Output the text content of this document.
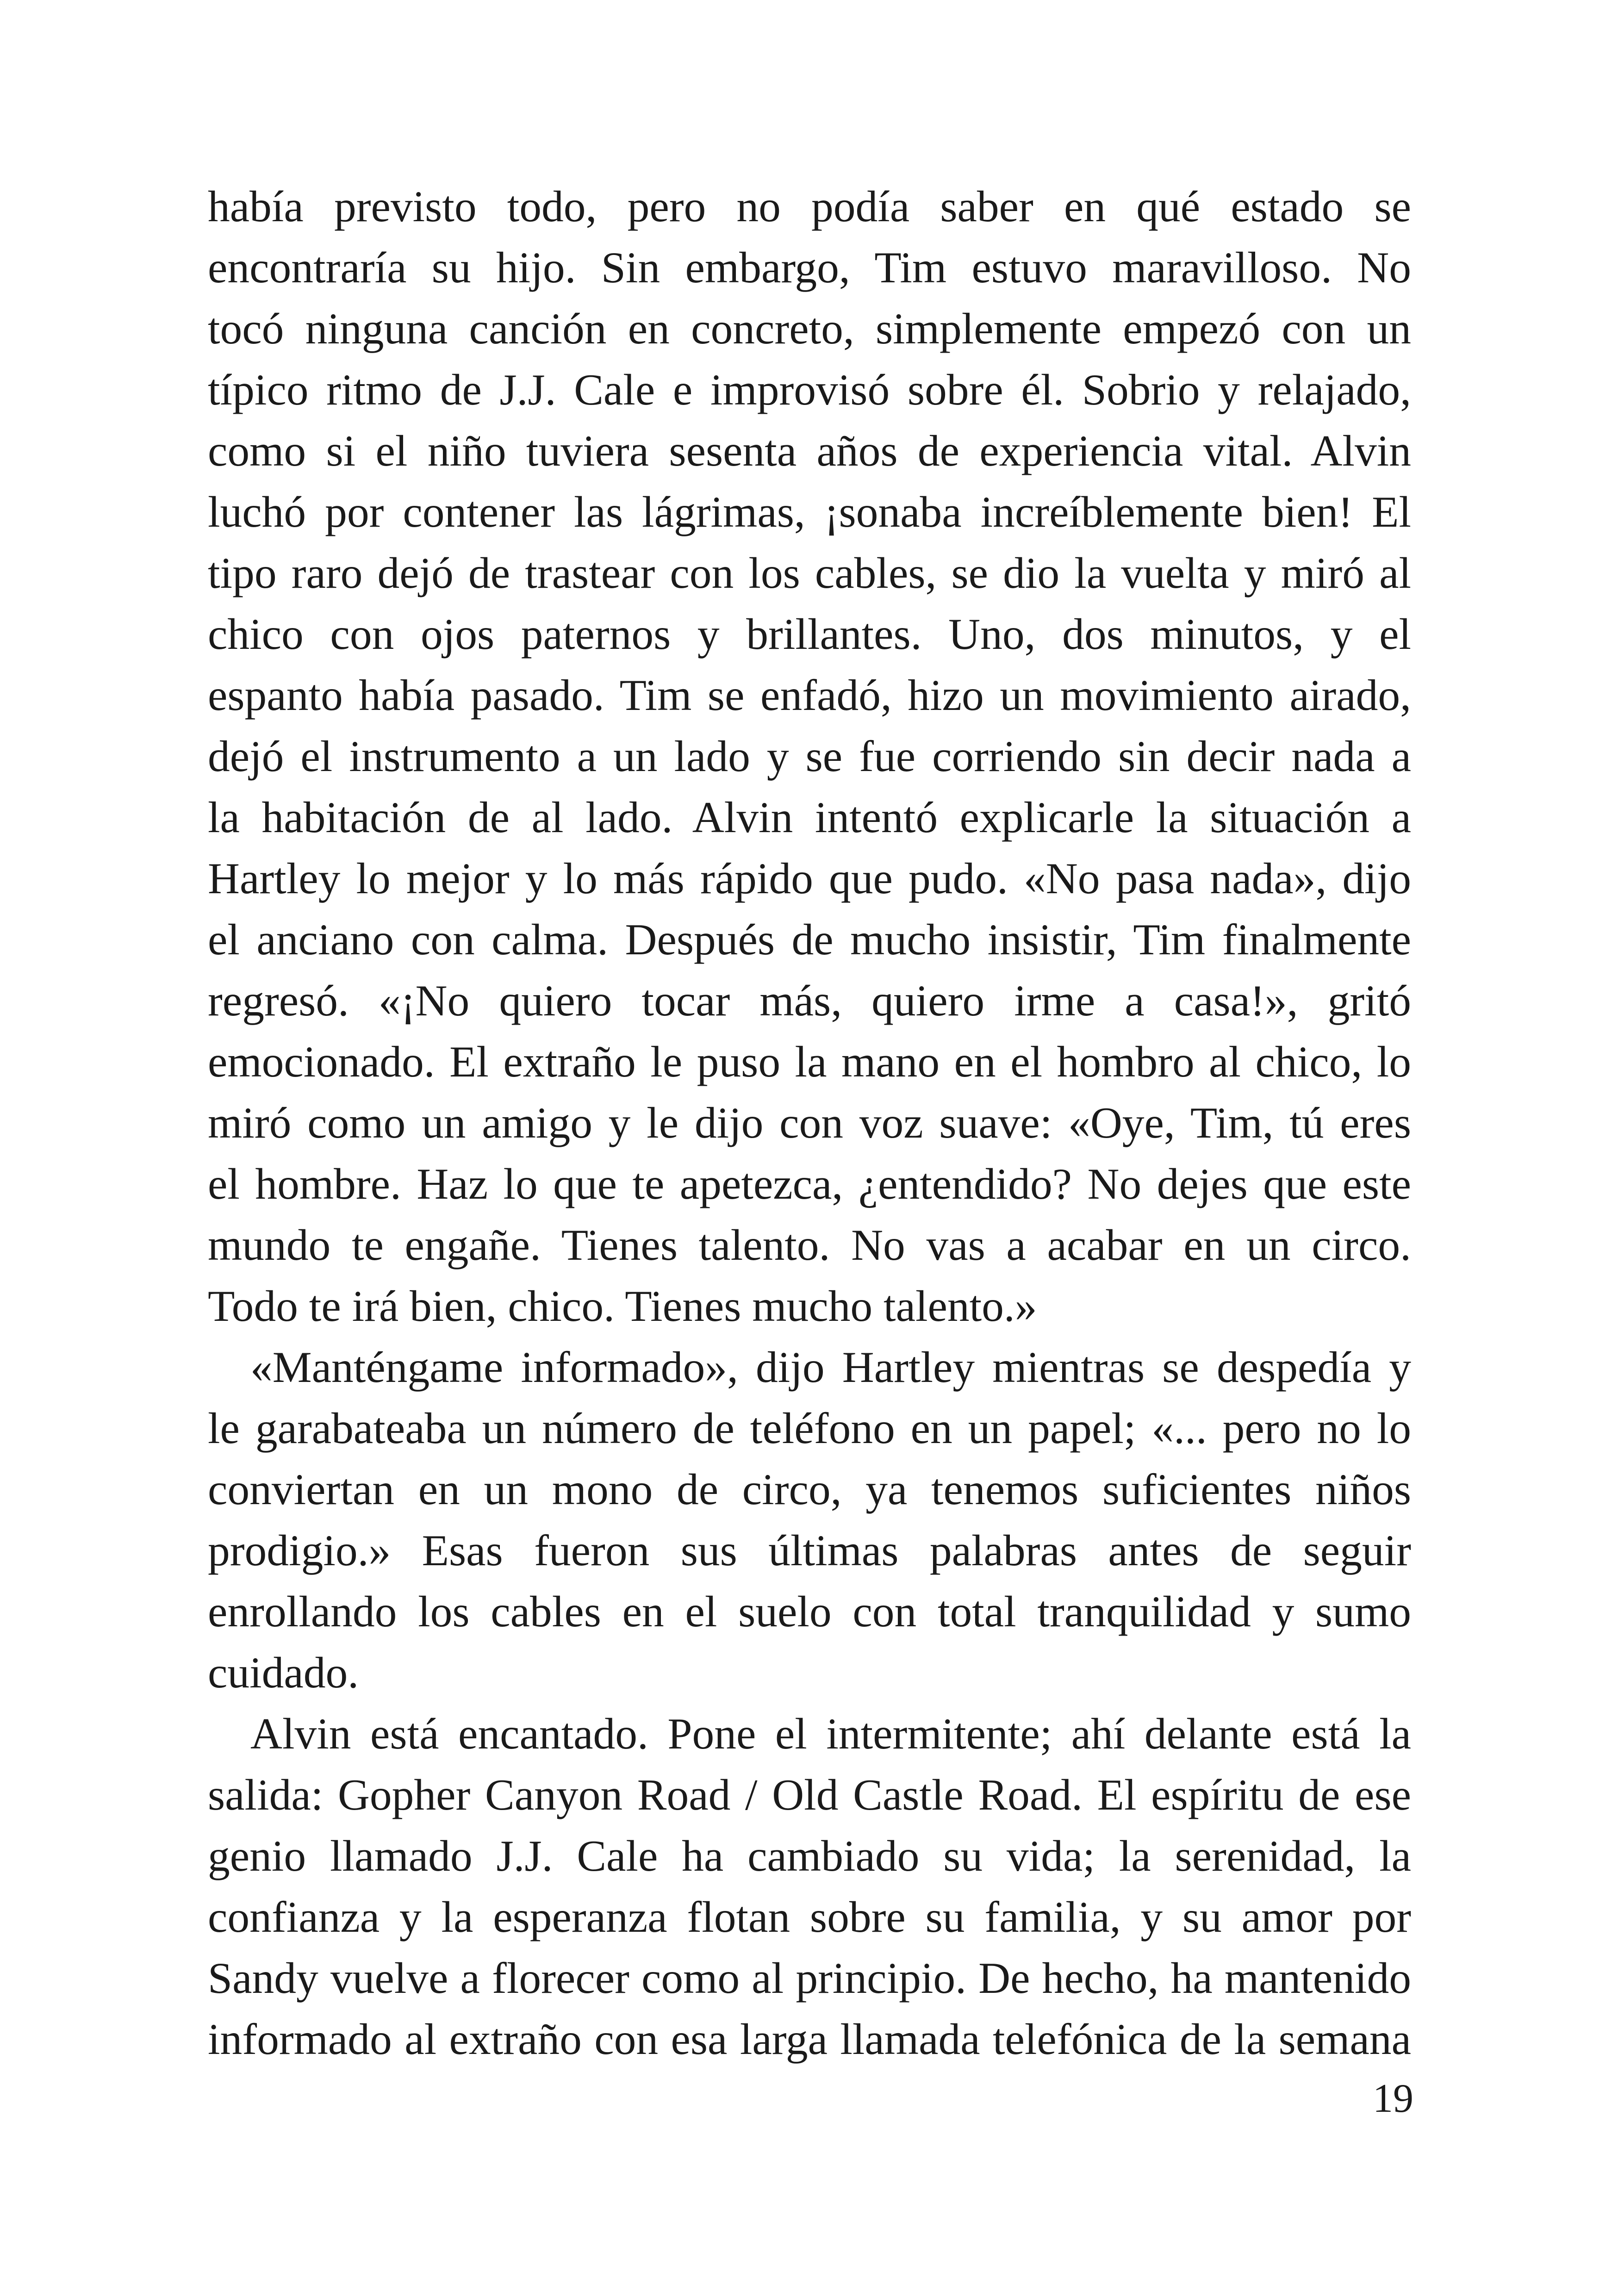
había previsto todo, pero no podía saber en qué estado se
encontraría su hijo. Sin embargo, Tim estuvo maravilloso. No
tocó ninguna canción en concreto, simplemente empezó con un
típico ritmo de J.J. Cale e improvisó sobre él. Sobrio y relajado,
como si el niño tuviera sesenta años de experiencia vital. Alvin
luchó por contener las lágrimas, ¡sonaba increíblemente bien! El
tipo raro dejó de trastear con los cables, se dio la vuelta y miró al
chico con ojos paternos y brillantes. Uno, dos minutos, y el
espanto había pasado. Tim se enfadó, hizo un movimiento airado,
dejó el instrumento a un lado y se fue corriendo sin decir nada a
la habitación de al lado. Alvin intentó explicarle la situación a
Hartley lo mejor y lo más rápido que pudo. «No pasa nada», dijo
el anciano con calma. Después de mucho insistir, Tim finalmente
regresó. «¡No quiero tocar más, quiero irme a casa!», gritó
emocionado. El extraño le puso la mano en el hombro al chico, lo
miró como un amigo y le dijo con voz suave: «Oye, Tim, tú eres
el hombre. Haz lo que te apetezca, ¿entendido? No dejes que este
mundo te engañe. Tienes talento. No vas a acabar en un circo.
Todo te irá bien, chico. Tienes mucho talento.»
«Manténgame informado», dijo Hartley mientras se despedía y
le garabateaba un número de teléfono en un papel; «... pero no lo
conviertan en un mono de circo, ya tenemos suficientes niños
prodigio.» Esas fueron sus últimas palabras antes de seguir
enrollando los cables en el suelo con total tranquilidad y sumo
cuidado.
Alvin está encantado. Pone el intermitente; ahí delante está la
salida: Gopher Canyon Road / Old Castle Road. El espíritu de ese
genio llamado J.J. Cale ha cambiado su vida; la serenidad, la
confianza y la esperanza flotan sobre su familia, y su amor por
Sandy vuelve a florecer como al principio. De hecho, ha mantenido
informado al extraño con esa larga llamada telefónica de la semana
19
